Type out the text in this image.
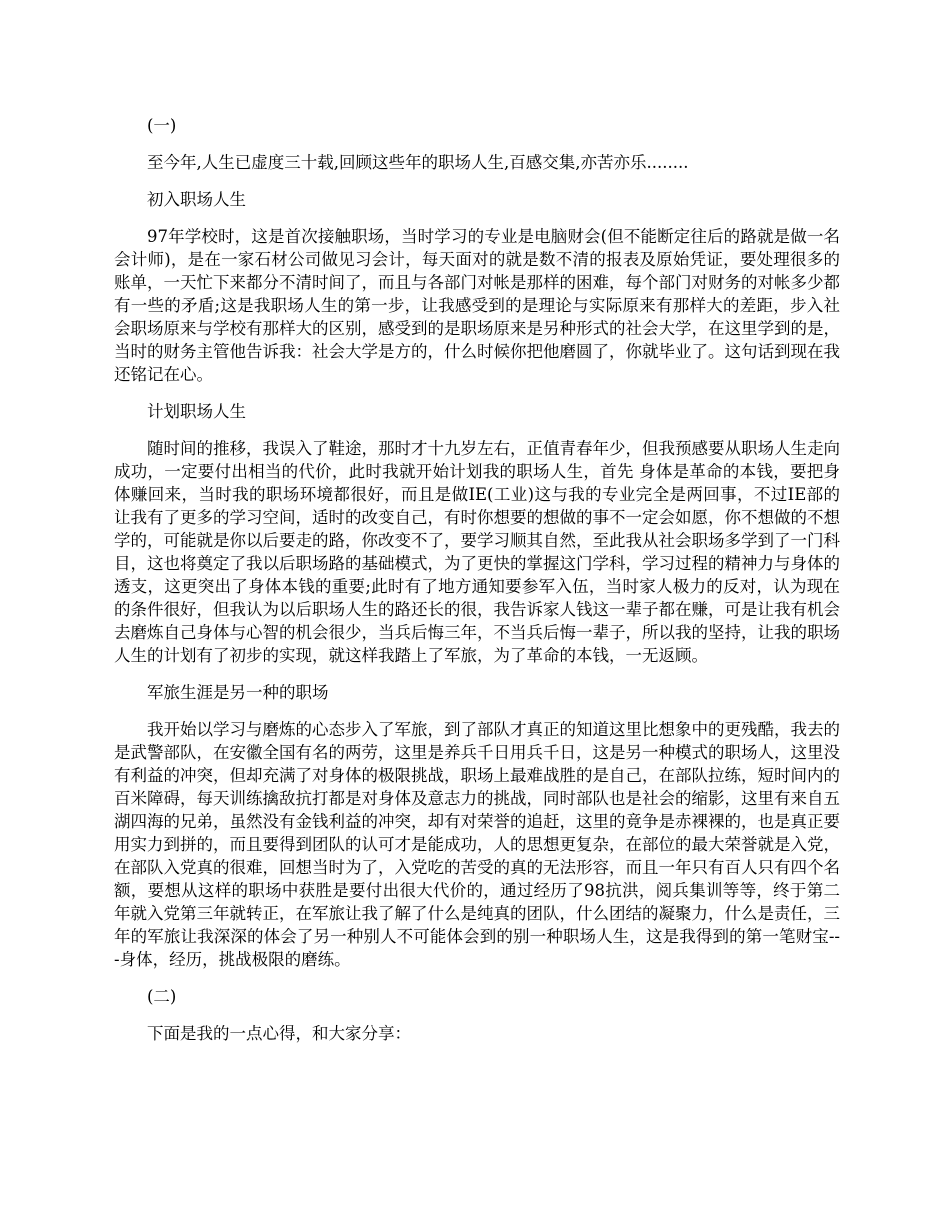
(一)

至今年,人生已虚度三十载,回顾这些年的职场人生,百感交集,亦苦亦乐........

初入职场人生

97年学校时，这是首次接触职场，当时学习的专业是电脑财会(但不能断定往后的路就是做一名会计师)，是在一家石材公司做见习会计，每天面对的就是数不清的报表及原始凭证，要处理很多的账单，一天忙下来都分不清时间了，而且与各部门对帐是那样的困难，每个部门对财务的对帐多少都有一些的矛盾;这是我职场人生的第一步，让我感受到的是理论与实际原来有那样大的差距，步入社会职场原来与学校有那样大的区别，感受到的是职场原来是另种形式的社会大学，在这里学到的是，当时的财务主管他告诉我：社会大学是方的，什么时候你把他磨圆了，你就毕业了。这句话到现在我还铭记在心。

计划职场人生

随时间的推移，我误入了鞋途，那时才十九岁左右，正值青春年少，但我预感要从职场人生走向成功，一定要付出相当的代价，此时我就开始计划我的职场人生，首先 身体是革命的本钱，要把身体赚回来，当时我的职场环境都很好，而且是做IE(工业)这与我的专业完全是两回事，不过IE部的让我有了更多的学习空间，适时的改变自己，有时你想要的想做的事不一定会如愿，你不想做的不想学的，可能就是你以后要走的路，你改变不了，要学习顺其自然，至此我从社会职场多学到了一门科目，这也将奠定了我以后职场路的基础模式，为了更快的掌握这门学科，学习过程的精神力与身体的透支，这更突出了身体本钱的重要;此时有了地方通知要参军入伍，当时家人极力的反对，认为现在的条件很好，但我认为以后职场人生的路还长的很，我告诉家人钱这一辈子都在赚，可是让我有机会去磨炼自己身体与心智的机会很少，当兵后悔三年，不当兵后悔一辈子，所以我的坚持，让我的职场人生的计划有了初步的实现，就这样我踏上了军旅，为了革命的本钱，一无返顾。

军旅生涯是另一种的职场

我开始以学习与磨炼的心态步入了军旅，到了部队才真正的知道这里比想象中的更残酷，我去的是武警部队，在安徽全国有名的两劳，这里是养兵千日用兵千日，这是另一种模式的职场人，这里没有利益的冲突，但却充满了对身体的极限挑战，职场上最难战胜的是自己，在部队拉练，短时间内的百米障碍，每天训练擒敌抗打都是对身体及意志力的挑战，同时部队也是社会的缩影，这里有来自五湖四海的兄弟，虽然没有金钱利益的冲突，却有对荣誉的追赶，这里的竟争是赤裸裸的，也是真正要用实力到拼的，而且要得到团队的认可才是能成功，人的思想更复杂，在部位的最大荣誉就是入党，在部队入党真的很难，回想当时为了，入党吃的苦受的真的无法形容，而且一年只有百人只有四个名额，要想从这样的职场中获胜是要付出很大代价的，通过经历了98抗洪，阅兵集训等等，终于第二年就入党第三年就转正，在军旅让我了解了什么是纯真的团队，什么团结的凝聚力，什么是责任，三年的军旅让我深深的体会了另一种别人不可能体会到的别一种职场人生，这是我得到的第一笔财宝---身体，经历，挑战极限的磨练。

(二)

下面是我的一点心得，和大家分享：
